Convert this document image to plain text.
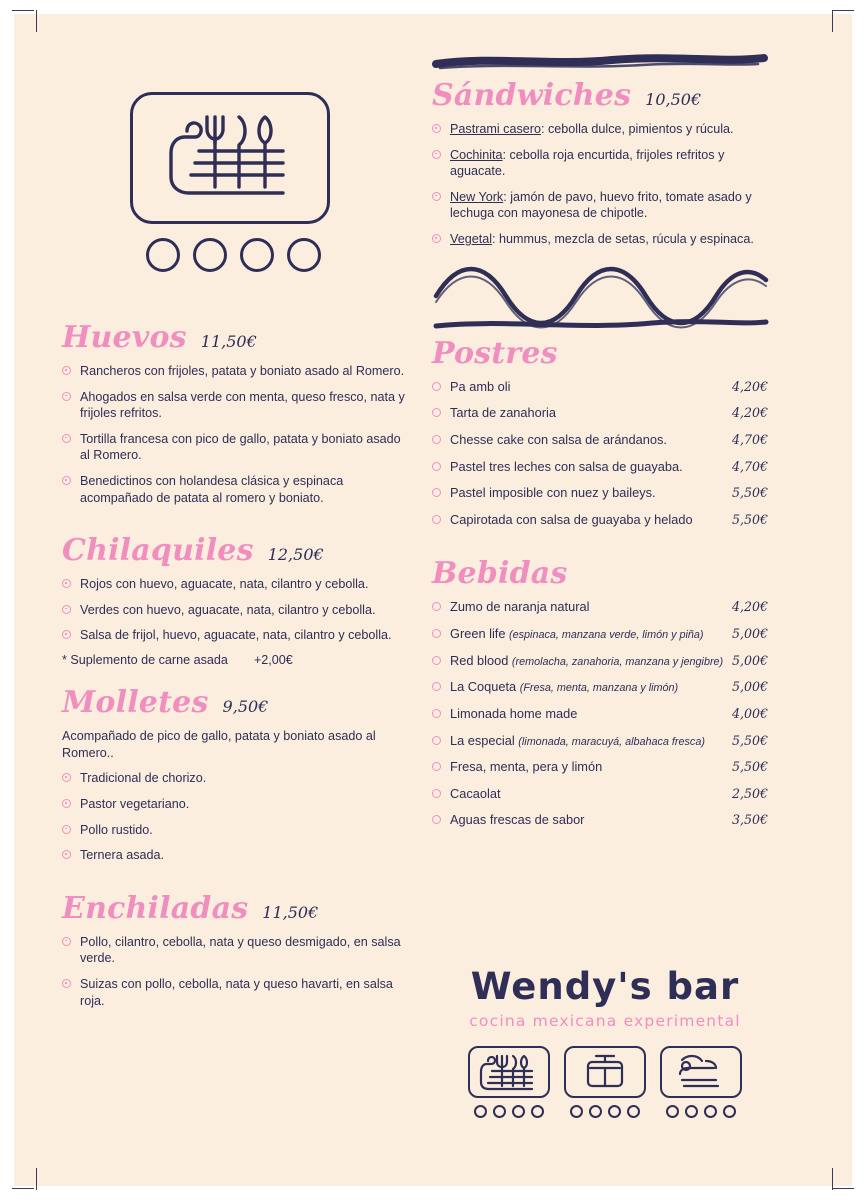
Huevos 11,50€
Rancheros con frijoles, patata y boniato asado al Romero.
Ahogados en salsa verde con menta, queso fresco, nata y frijoles refritos.
Tortilla francesa con pico de gallo, patata y boniato asado al Romero.
Benedictinos con holandesa clásica y espinaca acompañado de patata al romero y boniato.
Chilaquiles 12,50€
Rojos con huevo, aguacate, nata, cilantro y cebolla.
Verdes con huevo, aguacate, nata, cilantro y cebolla.
Salsa de frijol, huevo, aguacate, nata, cilantro y cebolla.
* Suplemento de carne asada +2,00€
Molletes 9,50€

Acompañado de pico de gallo, patata y boniato asado al Romero..

Tradicional de chorizo.
Pastor vegetariano.
Pollo rustido.
Ternera asada.
Enchiladas 11,50€
Pollo, cilantro, cebolla, nata y queso desmigado, en salsa verde.
Suizas con pollo, cebolla, nata y queso havarti, en salsa roja.
Sándwiches 10,50€
Pastrami casero: cebolla dulce, pimientos y rúcula.
Cochinita: cebolla roja encurtida, frijoles refritos y aguacate.
New York: jamón de pavo, huevo frito, tomate asado y lechuga con mayonesa de chipotle.
Vegetal: hummus, mezcla de setas, rúcula y espinaca.
Postres
Pa amb oli	4,20€
Tarta de zanahoria	4,20€
Chesse cake con salsa de arándanos.	4,70€
Pastel tres leches con salsa de guayaba.	4,70€
Pastel imposible con nuez y baileys.	5,50€
Capirotada con salsa de guayaba y helado	5,50€
Bebidas
Zumo de naranja natural	4,20€
Green life (espinaca, manzana verde, limón y piña)	5,00€
Red blood (remolacha, zanahoria, manzana y jengibre) 5,00€
La Coqueta (Fresa, menta, manzana y limón)	5,00€
Limonada home made	4,00€
La especial (limonada, maracuyá, albahaca fresca)	5,50€
Fresa, menta, pera y limón	5,50€
Cacaolat	2,50€
Aguas frescas de sabor	3,50€

Wendy's bar

cocina mexicana experimental
